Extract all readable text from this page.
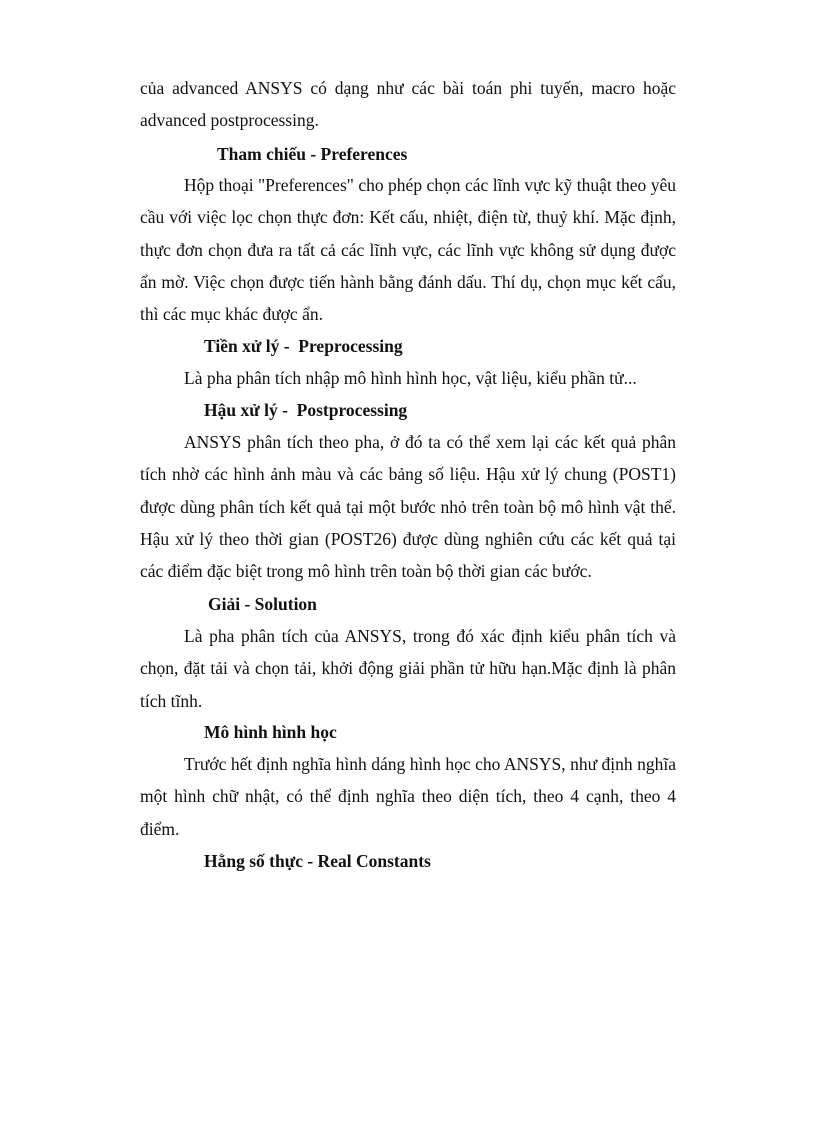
của advanced ANSYS có dạng như các bài toán phi tuyến, macro hoặc advanced postprocessing.

Tham chiếu - Preferences

Hộp thoại "Preferences" cho phép chọn các lĩnh vực kỹ thuật theo yêu cầu với việc lọc chọn thực đơn: Kết cấu, nhiệt, điện từ, thuỷ khí. Mặc định, thực đơn chọn đưa ra tất cả các lĩnh vực, các lĩnh vực không sử dụng được ẩn mờ. Việc chọn được tiến hành bằng đánh dấu. Thí dụ, chọn mục kết cấu, thì các mục khác được ẩn.

Tiền xử lý -  Preprocessing

Là pha phân tích nhập mô hình hình học, vật liệu, kiểu phần tử...

Hậu xử lý -  Postprocessing

ANSYS phân tích theo pha, ở đó ta có thể xem lại các kết quả phân tích nhờ các hình ảnh màu và các bảng số liệu. Hậu xử lý chung (POST1) được dùng phân tích kết quả tại một bước nhỏ trên toàn bộ mô hình vật thể. Hậu xử lý theo thời gian (POST26) được dùng nghiên cứu các kết quả tại các điểm đặc biệt trong mô hình trên toàn bộ thời gian các bước.

Giải - Solution

Là pha phân tích của ANSYS, trong đó xác định kiểu phân tích và chọn, đặt tải và chọn tải, khởi động giải phần tử hữu hạn.Mặc định là phân tích tĩnh.

Mô hình hình học

Trước hết định nghĩa hình dáng hình học cho ANSYS, như định nghĩa một hình chữ nhật, có thể định nghĩa theo diện tích, theo 4 cạnh, theo 4 điểm.

Hằng số thực - Real Constants
